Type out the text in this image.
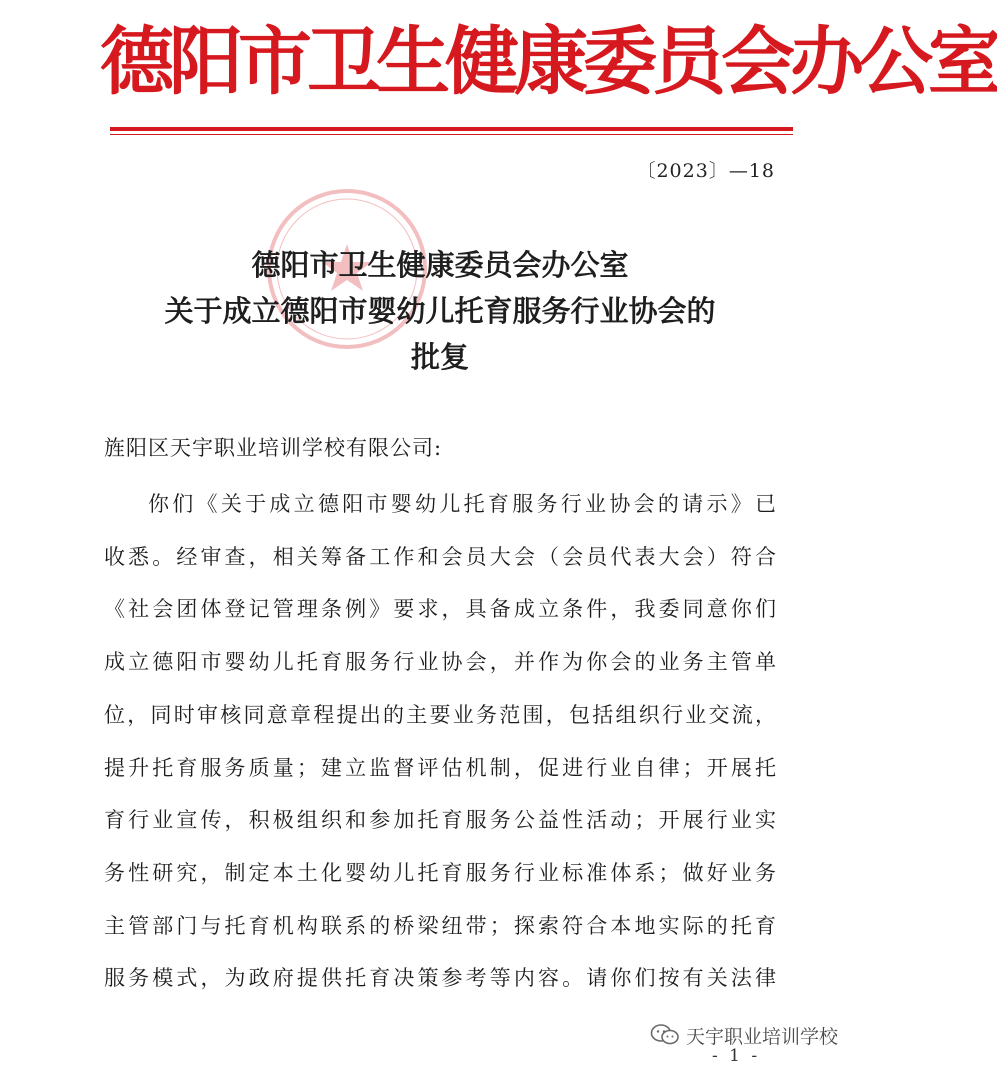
德阳市卫生健康委员会办公室
〔2023〕—18
德阳市卫生健康委员会办公室
关于成立德阳市婴幼儿托育服务行业协会的
批复
旌阳区天宇职业培训学校有限公司:
你们《关于成立德阳市婴幼儿托育服务行业协会的请示》已
收悉。经审查，相关筹备工作和会员大会（会员代表大会）符合
《社会团体登记管理条例》要求，具备成立条件，我委同意你们
成立德阳市婴幼儿托育服务行业协会，并作为你会的业务主管单
位，同时审核同意章程提出的主要业务范围，包括组织行业交流，
提升托育服务质量；建立监督评估机制，促进行业自律；开展托
育行业宣传，积极组织和参加托育服务公益性活动；开展行业实
务性研究，制定本土化婴幼儿托育服务行业标准体系；做好业务
主管部门与托育机构联系的桥梁纽带；探索符合本地实际的托育
服务模式，为政府提供托育决策参考等内容。请你们按有关法律
天宇职业培训学校
- 1 -
